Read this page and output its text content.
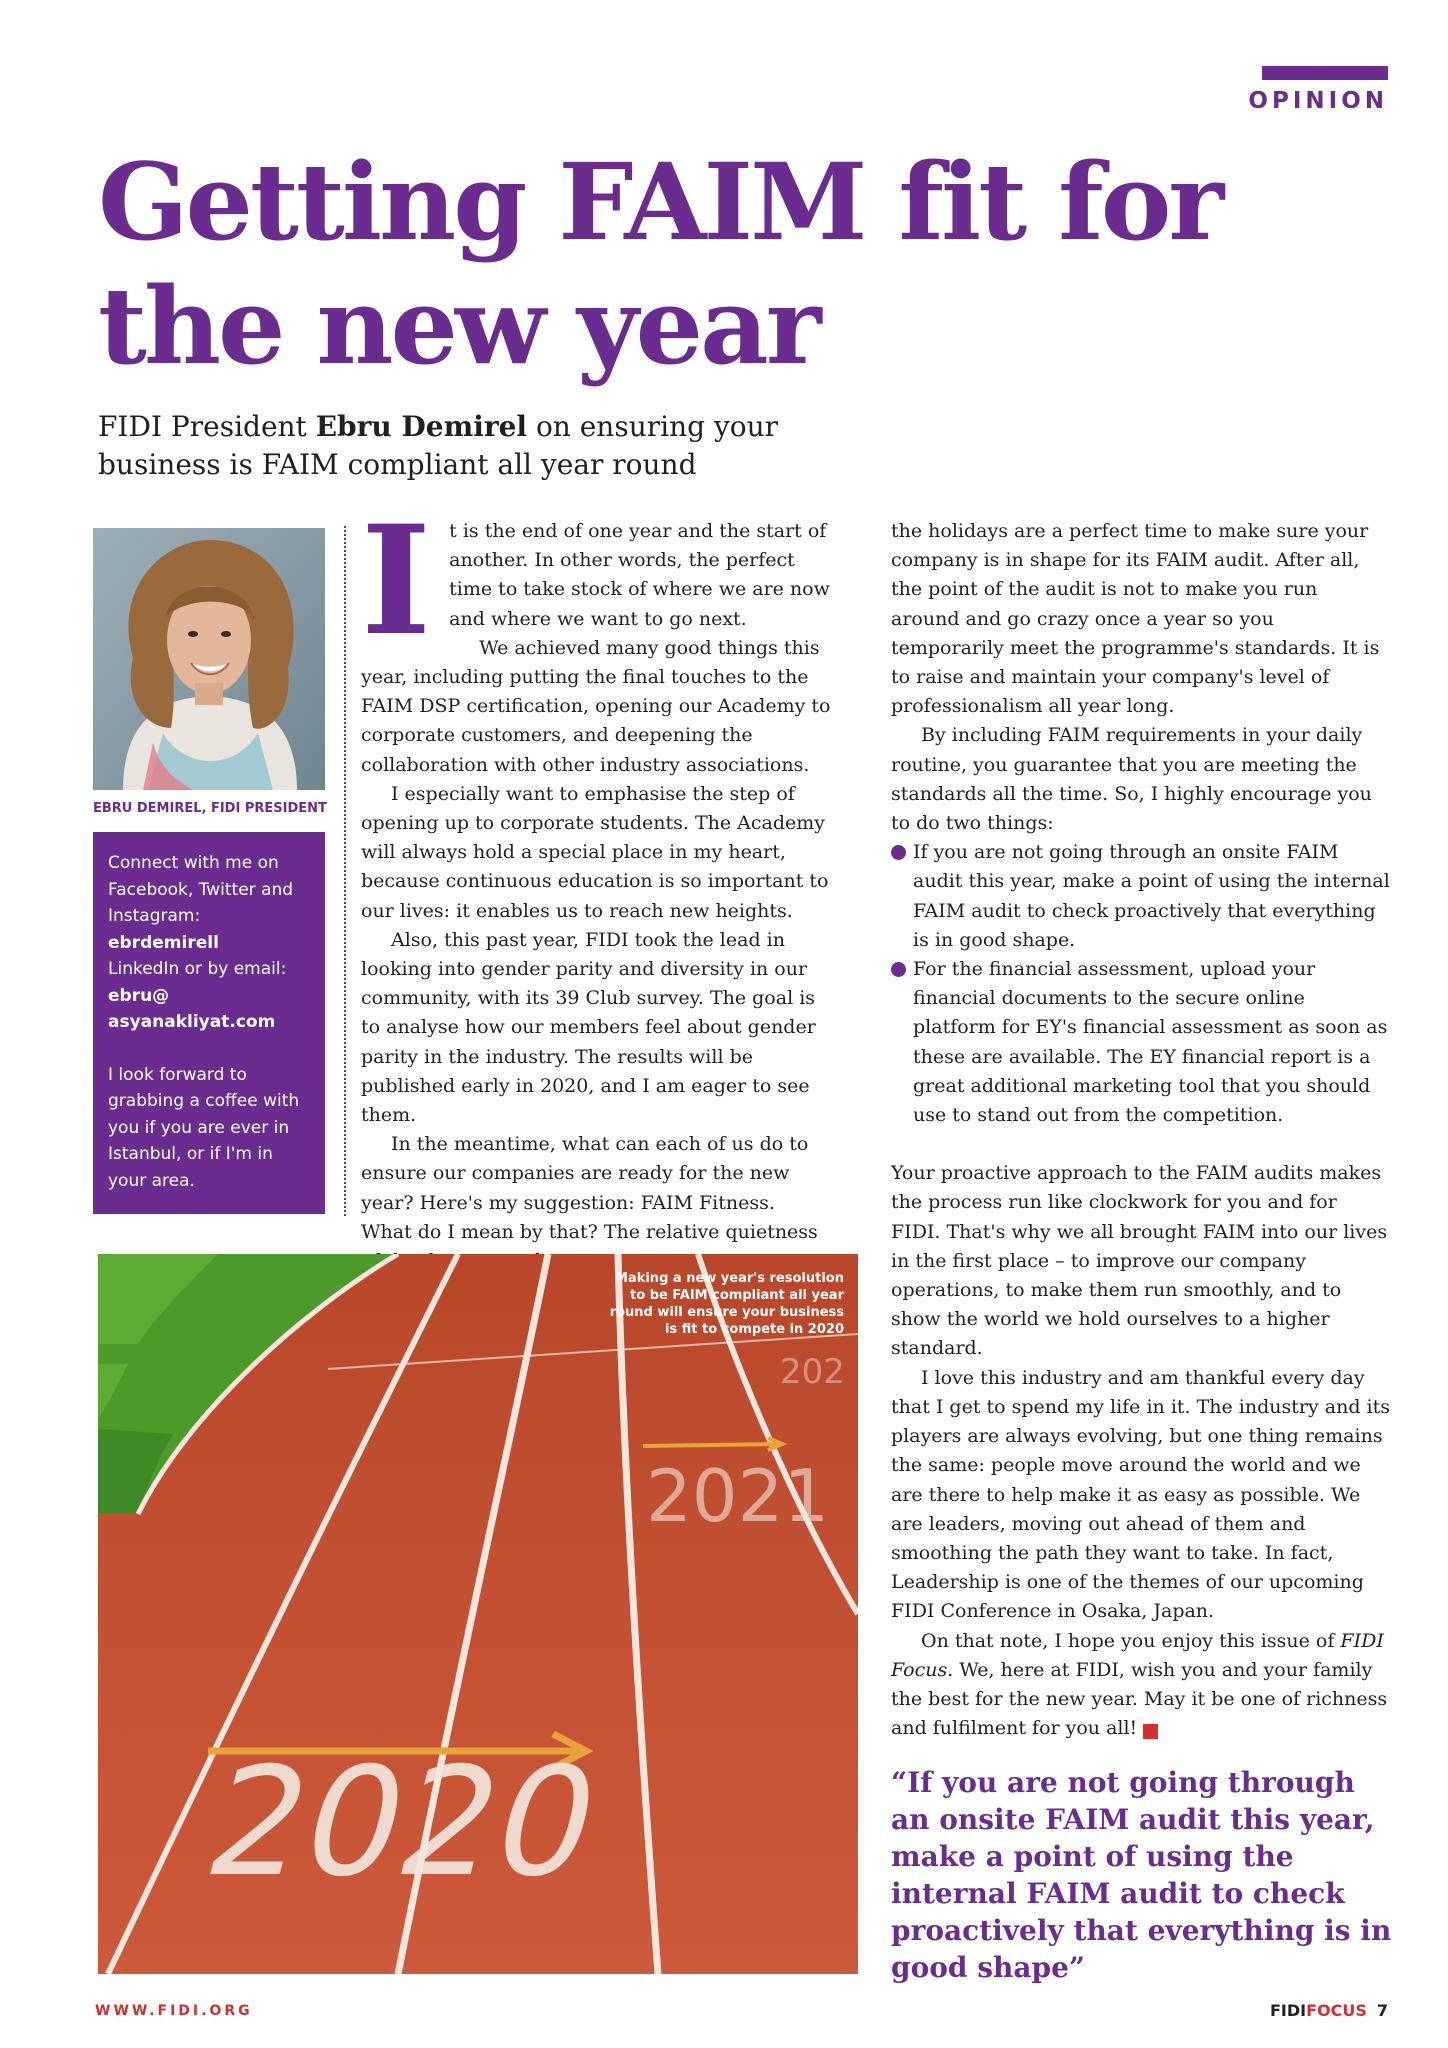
OPINION
Getting FAIM fit for
the new year
FIDI President Ebru Demirel on ensuring your
business is FAIM compliant all year round
EBRU DEMIREL, FIDI PRESIDENT
Connect with me on Facebook, Twitter and Instagram:
ebrdemirell
LinkedIn or by email:
ebru@
asyanakliyat.com
I look forward to grabbing a coffee with you if you are ever in Istanbul, or if I'm in your area.

It is the end of one year and the start of another. In other words, the perfect time to take stock of where we are now and where we want to go next.

We achieved many good things this year, including putting the final touches to the FAIM DSP certification, opening our Academy to corporate customers, and deepening the collaboration with other industry associations.

I especially want to emphasise the step of opening up to corporate students. The Academy will always hold a special place in my heart, because continuous education is so important to our lives: it enables us to reach new heights.

Also, this past year, FIDI took the lead in looking into gender parity and diversity in our community, with its 39 Club survey. The goal is to analyse how our members feel about gender parity in the industry. The results will be published early in 2020, and I am eager to see them.

In the meantime, what can each of us do to ensure our companies are ready for the new year? Here's my suggestion: FAIM Fitness. What do I mean by that? The relative quietness

the holidays are a perfect time to make sure your company is in shape for its FAIM audit. After all, the point of the audit is not to make you run around and go crazy once a year so you temporarily meet the programme's standards. It is to raise and maintain your company's level of professionalism all year long.

By including FAIM requirements in your daily routine, you guarantee that you are meeting the standards all the time. So, I highly encourage you to do two things:

If you are not going through an onsite FAIM audit this year, make a point of using the internal FAIM audit to check proactively that everything is in good shape.
For the financial assessment, upload your financial documents to the secure online platform for EY's financial assessment as soon as these are available. The EY financial report is a great additional marketing tool that you should use to stand out from the competition.

Your proactive approach to the FAIM audits makes the process run like clockwork for you and for FIDI. That's why we all brought FAIM into our lives in the first place – to improve our company operations, to make them run smoothly, and to show the world we hold ourselves to a higher standard.

I love this industry and am thankful every day that I get to spend my life in it. The industry and its players are always evolving, but one thing remains the same: people move around the world and we are there to help make it as easy as possible. We are leaders, moving out ahead of them and smoothing the path they want to take. In fact, Leadership is one of the themes of our upcoming FIDI Conference in Osaka, Japan.

On that note, I hope you enjoy this issue of FIDI Focus. We, here at FIDI, wish you and your family the best for the new year. May it be one of richness and fulfilment for you all!	FF

2020
2021
202
Making a new year's resolution
to be FAIM compliant all year
round will ensure your business
is fit to compete in 2020
“If you are not going through
an onsite FAIM audit this year,
make a point of using the
internal FAIM audit to check
proactively that everything is in
good shape”
WWW.FIDI.ORG	FIDIFOCUS 7
